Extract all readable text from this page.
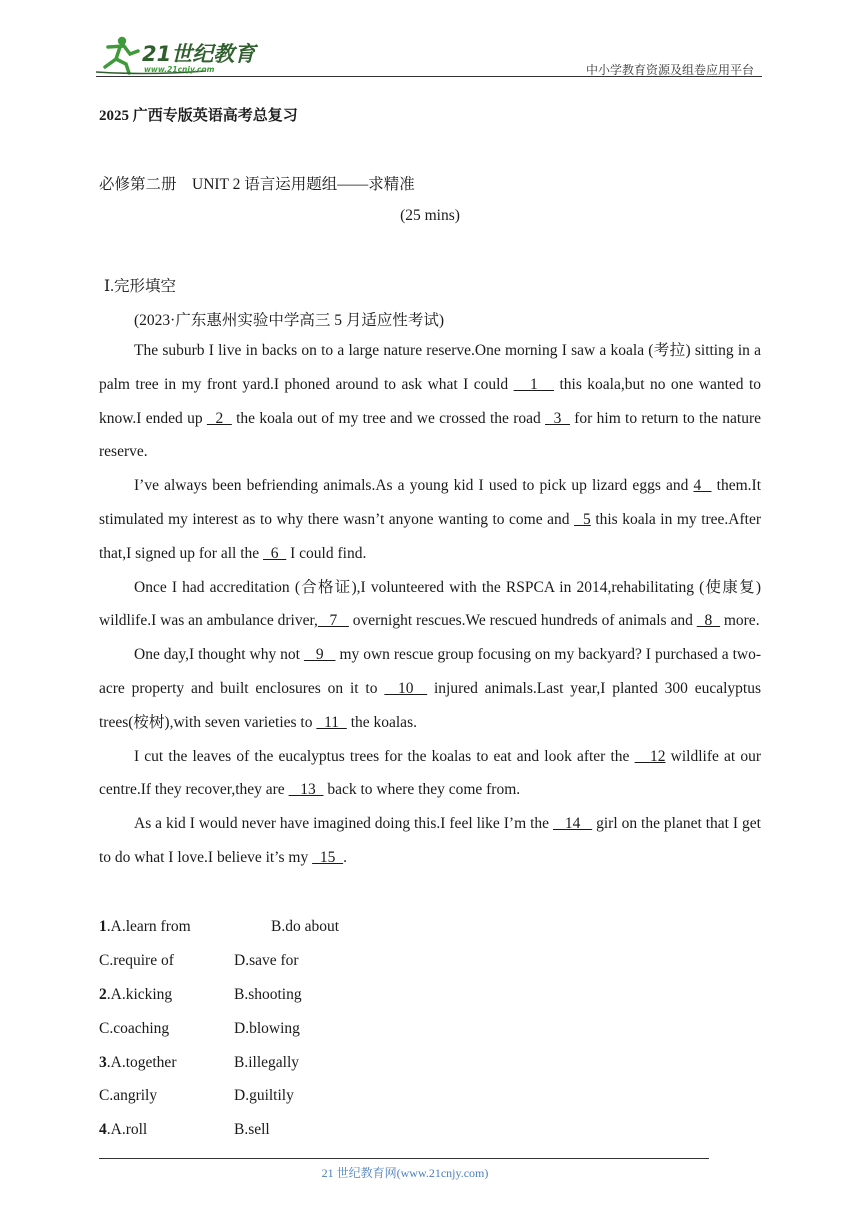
21世纪教育
www.21cnjy.com	中小学教育资源及组卷应用平台
2025 广西专版英语高考总复习
必修第二册　UNIT 2 语言运用题组——求精准
(25 mins)
Ⅰ.完形填空
(2023·广东惠州实验中学高三 5 月适应性考试)

The suburb I live in backs on to a large nature reserve.One morning I saw a koala (考拉) sitting in a palm tree in my front yard.I phoned around to ask what I could    1    this koala,but no one wanted to know.I ended up   2   the koala out of my tree and we crossed the road   3   for him to return to the nature reserve.

I’ve always been befriending animals.As a young kid I used to pick up lizard eggs and 4   them.It stimulated my interest as to why there wasn’t anyone wanting to come and   5 this koala in my tree.After that,I signed up for all the   6   I could find.

Once I had accreditation (合格证),I volunteered with the RSPCA in 2014,rehabilitating (使康复) wildlife.I was an ambulance driver,   7    overnight rescues.We rescued hundreds of animals and   8   more.

One day,I thought why not    9    my own rescue group focusing on my backyard? I purchased a two-acre property and built enclosures on it to   10   injured animals.Last year,I planted 300 eucalyptus trees(桉树),with seven varieties to   11   the koalas.

I cut the leaves of the eucalyptus trees for the koalas to eat and look after the    12 wildlife at our centre.If they recover,they are    13   back to where they come from.

As a kid I would never have imagined doing this.I feel like I’m the    14    girl on the planet that I get to do what I love.I believe it’s my   15  .

1.A.learn from	B.do about
C.require of	D.save for
2.A.kicking	B.shooting
C.coaching	D.blowing
3.A.together	B.illegally
C.angrily	D.guiltily
4.A.roll	B.sell
21 世纪教育网(www.21cnjy.com)
